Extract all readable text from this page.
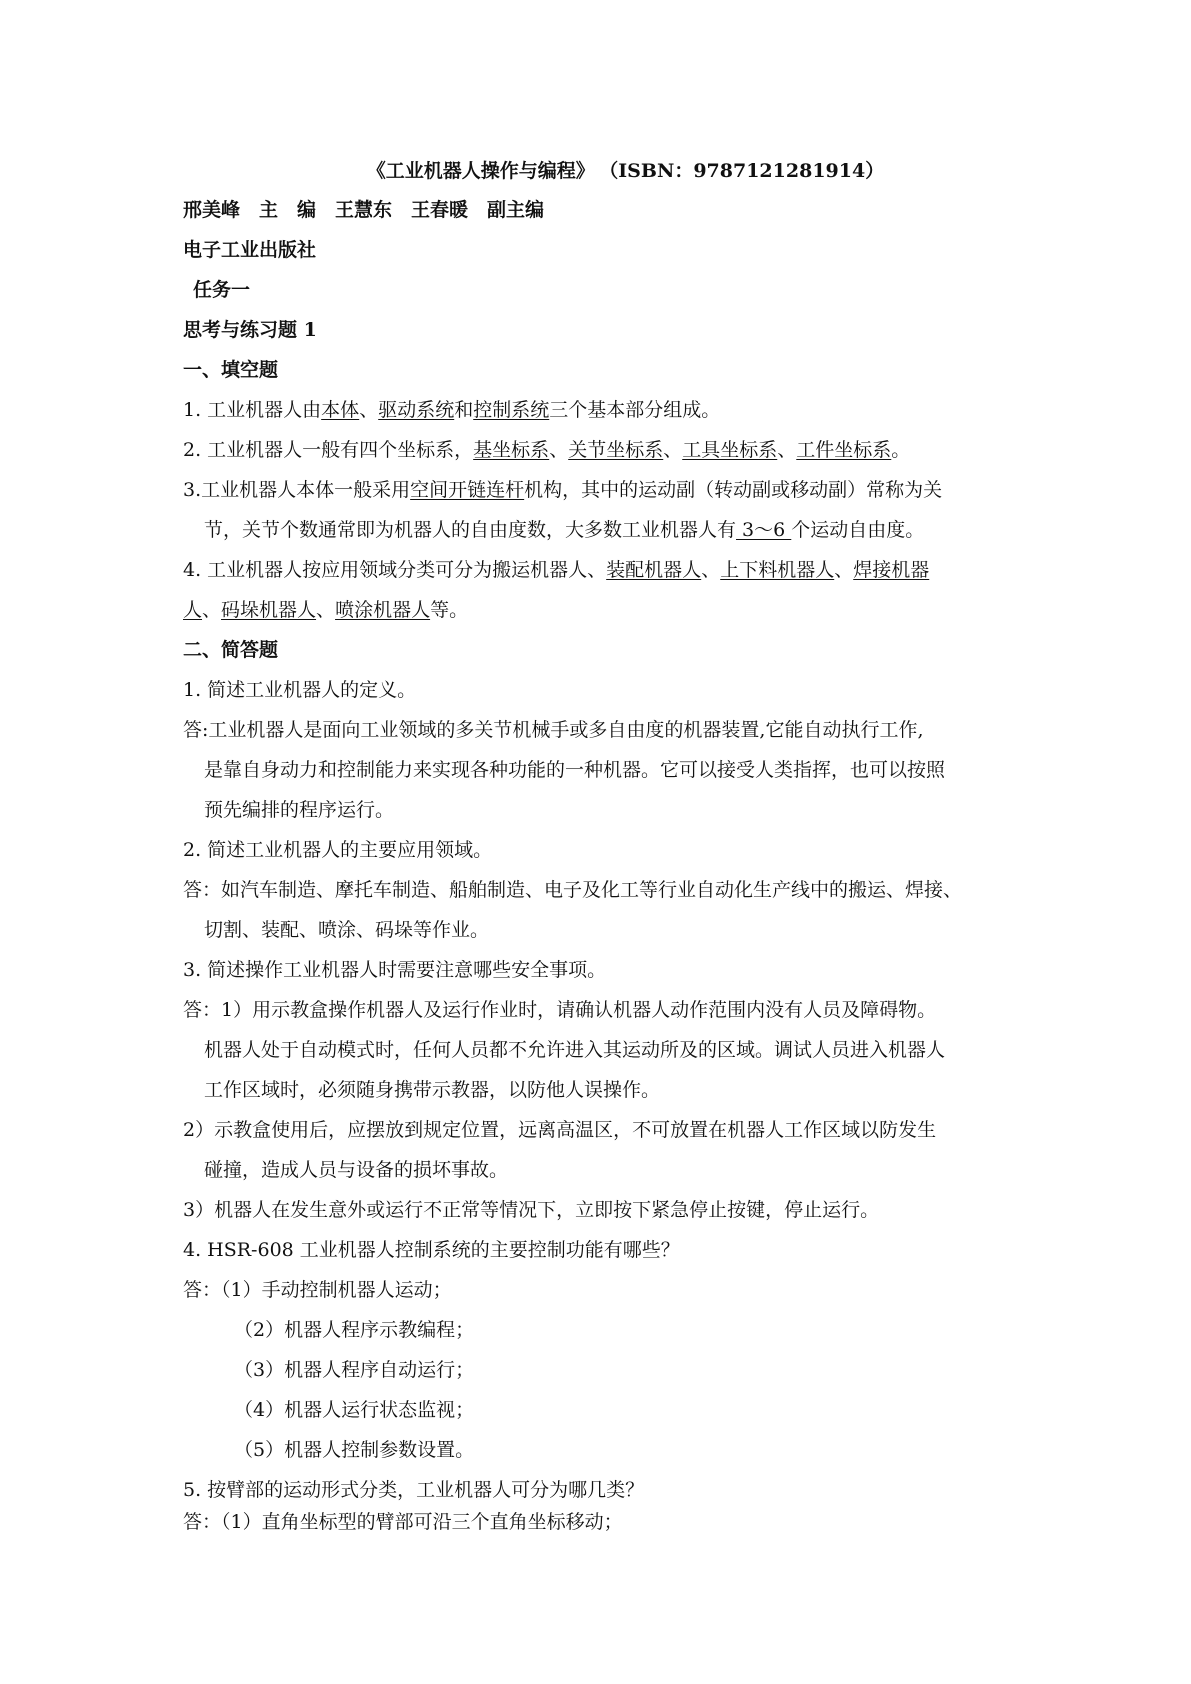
《工业机器人操作与编程》 （ISBN：9787121281914）
邢美峰　主　编　王慧东　王春暖　副主编
电子工业出版社
任务一
思考与练习题 1
一、填空题
1. 工业机器人由本体、驱动系统和控制系统三个基本部分组成。
2. 工业机器人一般有四个坐标系，基坐标系、关节坐标系、工具坐标系、工件坐标系。
3.工业机器人本体一般采用空间开链连杆机构，其中的运动副（转动副或移动副）常称为关
节，关节个数通常即为机器人的自由度数，大多数工业机器人有 3～6 个运动自由度。
4. 工业机器人按应用领域分类可分为搬运机器人、装配机器人、上下料机器人、焊接机器
人、码垛机器人、喷涂机器人等。
二、简答题
1. 简述工业机器人的定义。
答:工业机器人是面向工业领域的多关节机械手或多自由度的机器装置,它能自动执行工作,
是靠自身动力和控制能力来实现各种功能的一种机器。它可以接受人类指挥，也可以按照
预先编排的程序运行。
2. 简述工业机器人的主要应用领域。
答：如汽车制造、摩托车制造、船舶制造、电子及化工等行业自动化生产线中的搬运、焊接、
切割、装配、喷涂、码垛等作业。
3. 简述操作工业机器人时需要注意哪些安全事项。
答：1）用示教盒操作机器人及运行作业时，请确认机器人动作范围内没有人员及障碍物。
机器人处于自动模式时，任何人员都不允许进入其运动所及的区域。调试人员进入机器人
工作区域时，必须随身携带示教器，以防他人误操作。
2）示教盒使用后，应摆放到规定位置，远离高温区，不可放置在机器人工作区域以防发生
碰撞，造成人员与设备的损坏事故。
3）机器人在发生意外或运行不正常等情况下，立即按下紧急停止按键，停止运行。
4. HSR-608 工业机器人控制系统的主要控制功能有哪些？
答：（1）手动控制机器人运动；
（2）机器人程序示教编程；
（3）机器人程序自动运行；
（4）机器人运行状态监视；
（5）机器人控制参数设置。
5. 按臂部的运动形式分类，工业机器人可分为哪几类？
答：（1）直角坐标型的臂部可沿三个直角坐标移动；
